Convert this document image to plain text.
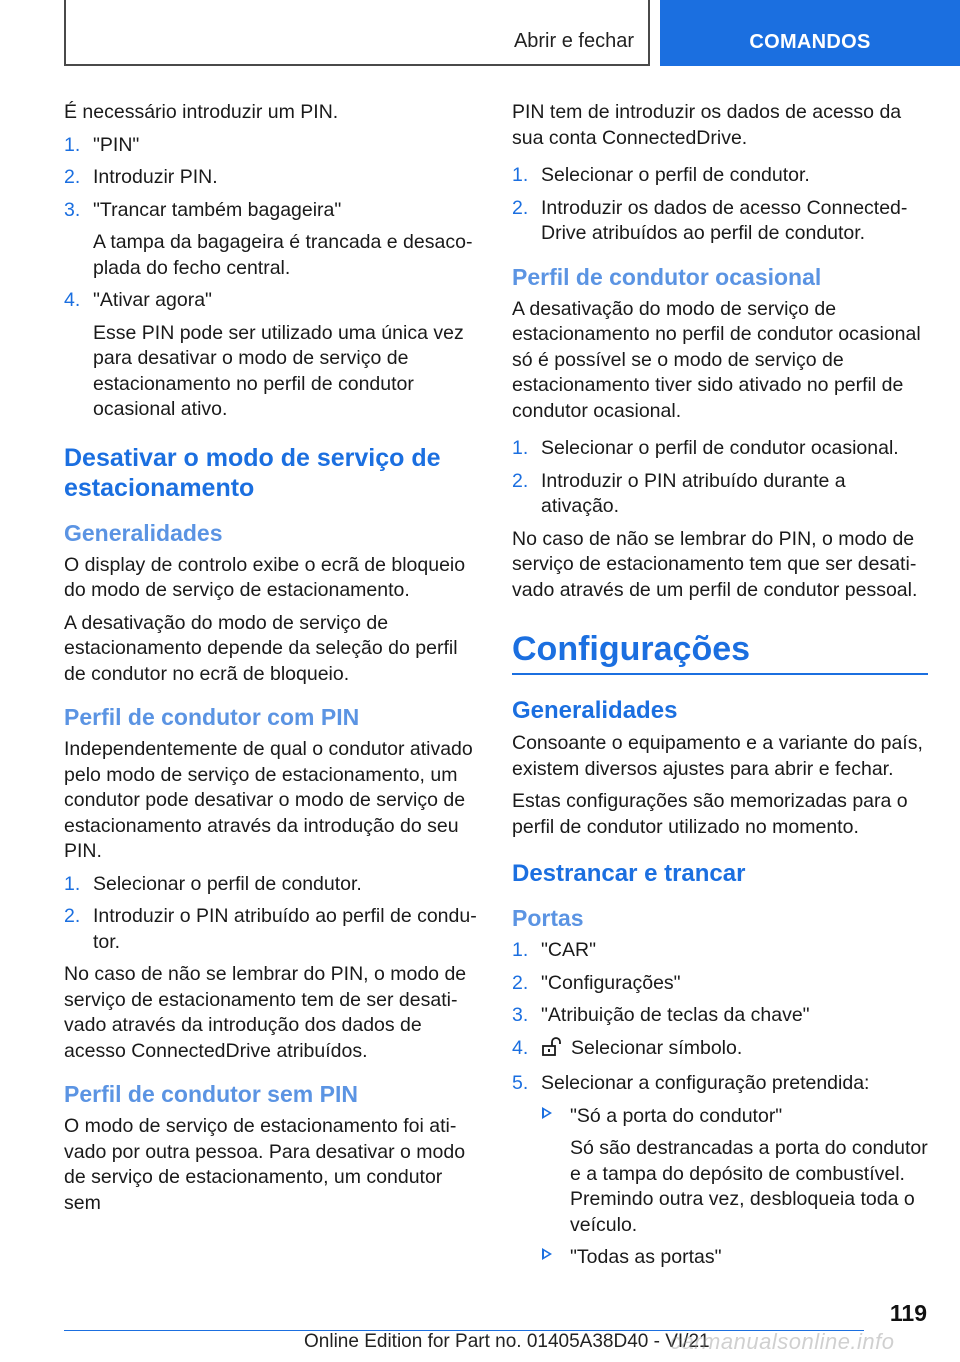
Abrir e fechar	COMANDOS

É necessário introduzir um PIN.

1. "PIN"
2. Introduzir PIN.
3. "Trancar também bagageira"
A tampa da bagageira é trancada e desacoplada do fecho central.
4. "Ativar agora"
Esse PIN pode ser utilizado uma única vez para desativar o modo de serviço de estacionamento no perfil de condutor ocasional ativo.
Desativar o modo de serviço de estacionamento
Generalidades

O display de controlo exibe o ecrã de bloqueio do modo de serviço de estacionamento.

A desativação do modo de serviço de estacionamento depende da seleção do perfil de condutor no ecrã de bloqueio.

Perfil de condutor com PIN

Independentemente de qual o condutor ativado pelo modo de serviço de estacionamento, um condutor pode desativar o modo de serviço de estacionamento através da introdução do seu PIN.

1. Selecionar o perfil de condutor.
2. Introduzir o PIN atribuído ao perfil de condutor.

No caso de não se lembrar do PIN, o modo de serviço de estacionamento tem de ser desativado através da introdução dos dados de acesso ConnectedDrive atribuídos.

Perfil de condutor sem PIN

O modo de serviço de estacionamento foi ativado por outra pessoa. Para desativar o modo de serviço de estacionamento, um condutor sem

PIN tem de introduzir os dados de acesso da sua conta ConnectedDrive.

1. Selecionar o perfil de condutor.
2. Introduzir os dados de acesso ConnectedDrive atribuídos ao perfil de condutor.
Perfil de condutor ocasional

A desativação do modo de serviço de estacionamento no perfil de condutor ocasional só é possível se o modo de serviço de estacionamento tiver sido ativado no perfil de condutor ocasional.

1. Selecionar o perfil de condutor ocasional.
2. Introduzir o PIN atribuído durante a ativação.

No caso de não se lembrar do PIN, o modo de serviço de estacionamento tem que ser desativado através de um perfil de condutor pessoal.

Configurações
Generalidades

Consoante o equipamento e a variante do país, existem diversos ajustes para abrir e fechar.

Estas configurações são memorizadas para o perfil de condutor utilizado no momento.

Destrancar e trancar
Portas
1. "CAR"
2. "Configurações"
3. "Atribuição de teclas da chave"
4.	Selecionar símbolo.
5. Selecionar a configuração pretendida:
"Só a porta do condutor"
Só são destrancadas a porta do condutor e a tampa do depósito de combustível. Premindo outra vez, desbloqueia toda o veículo.
"Todas as portas"
119
Online Edition for Part no. 01405A38D40 - VI/21
carmanualsonline.info
